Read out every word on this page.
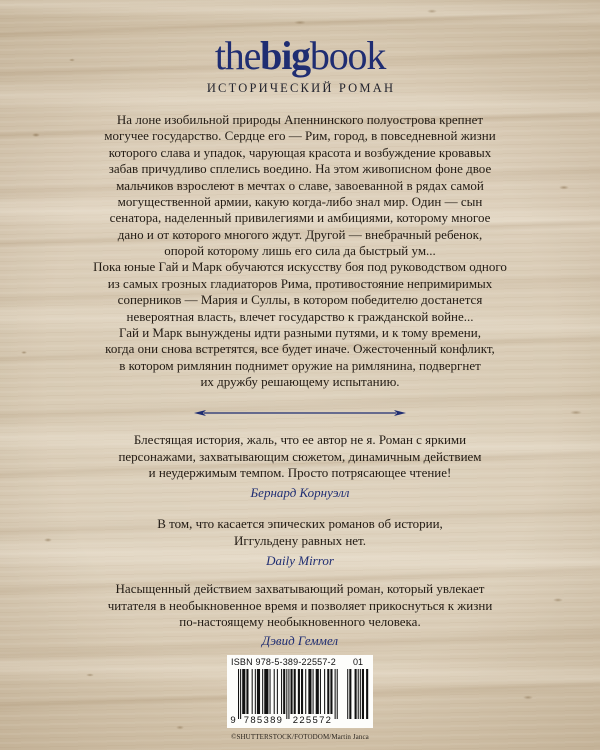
thebigbook
ИСТОРИЧЕСКИЙ РОМАН
На лоне изобильной природы Апеннинского полуострова крепнет
могучее государство. Сердце его — Рим, город, в повседневной жизни
которого слава и упадок, чарующая красота и возбуждение кровавых
забав причудливо сплелись воедино. На этом живописном фоне двое
мальчиков взрослеют в мечтах о славе, завоеванной в рядах самой
могущественной армии, какую когда-либо знал мир. Один — сын
сенатора, наделенный привилегиями и амбициями, которому многое
дано и от которого многого ждут. Другой — внебрачный ребенок,
опорой которому лишь его сила да быстрый ум...
Пока юные Гай и Марк обучаются искусству боя под руководством одного
из самых грозных гладиаторов Рима, противостояние непримиримых
соперников — Мария и Суллы, в котором победителю достанется
невероятная власть, влечет государство к гражданской войне...
Гай и Марк вынуждены идти разными путями, и к тому времени,
когда они снова встретятся, все будет иначе. Ожесточенный конфликт,
в котором римлянин поднимет оружие на римлянина, подвергнет
их дружбу решающему испытанию.
Блестящая история, жаль, что ее автор не я. Роман с яркими
персонажами, захватывающим сюжетом, динамичным действием
и неудержимым темпом. Просто потрясающее чтение!
Бернард Корнуэлл
В том, что касается эпических романов об истории,
Иггульдену равных нет.
Daily Mirror
Насыщенный действием захватывающий роман, который увлекает
читателя в необыкновенное время и позволяет прикоснуться к жизни
по-настоящему необыкновенного человека.
Дэвид Геммел
ISBN 978-5-389-22557-2	01
9 785389 225572
©SHUTTERSTOCK/FOTODOM/Martin Janca
